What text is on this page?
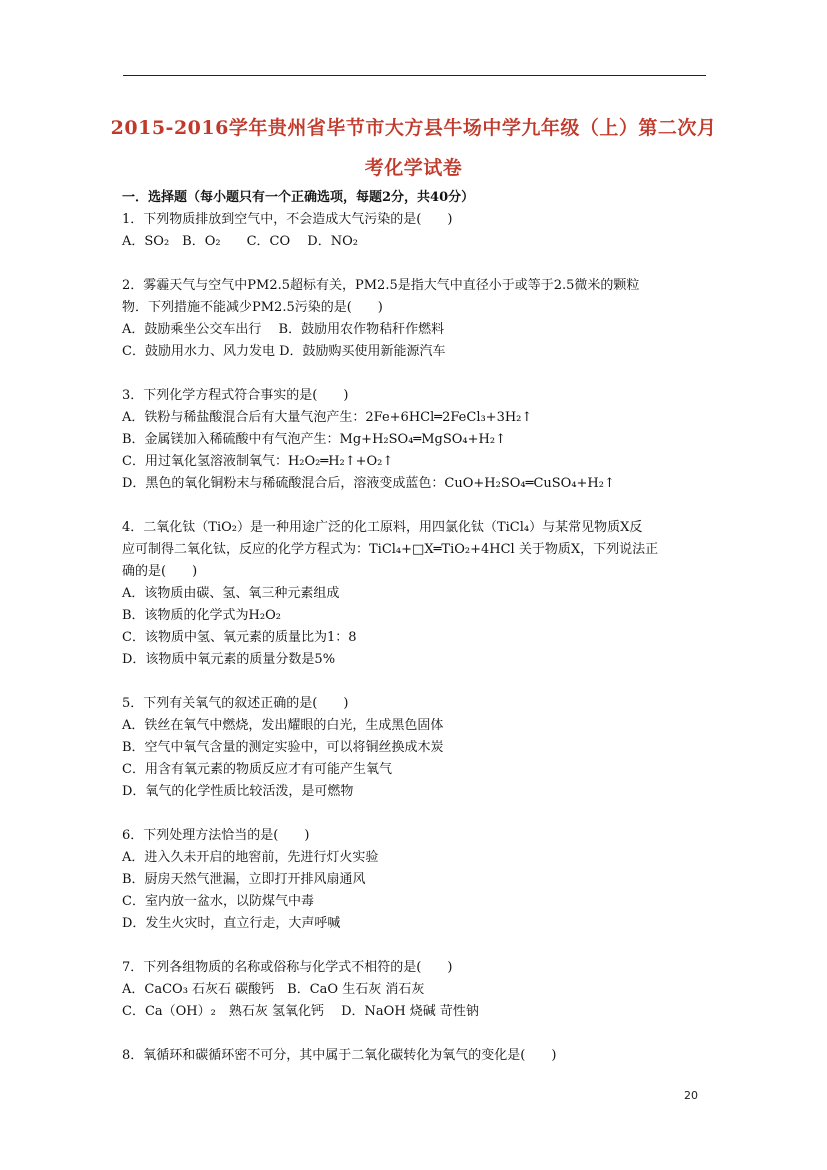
2015-2016学年贵州省毕节市大方县牛场中学九年级（上）第二次月
考化学试卷
一．选择题（每小题只有一个正确选项，每题2分，共40分）
1．下列物质排放到空气中，不会造成大气污染的是(　　)
A．SO₂　B．O₂　　C．CO　 D．NO₂
2．雾霾天气与空气中PM2.5超标有关，PM2.5是指大气中直径小于或等于2.5微米的颗粒
物．下列措施不能减少PM2.5污染的是(　　)
A．鼓励乘坐公交车出行　 B．鼓励用农作物秸秆作燃料
C．鼓励用水力、风力发电 D．鼓励购买使用新能源汽车
3．下列化学方程式符合事实的是(　　)
A．铁粉与稀盐酸混合后有大量气泡产生：2Fe+6HCl═2FeCl₃+3H₂↑
B．金属镁加入稀硫酸中有气泡产生：Mg+H₂SO₄═MgSO₄+H₂↑
C．用过氧化氢溶液制氧气：H₂O₂═H₂↑+O₂↑
D．黑色的氧化铜粉末与稀硫酸混合后，溶液变成蓝色：CuO+H₂SO₄═CuSO₄+H₂↑
4．二氧化钛（TiO₂）是一种用途广泛的化工原料，用四氯化钛（TiCl₄）与某常见物质X反
应可制得二氧化钛，反应的化学方程式为：TiCl₄+□X═TiO₂+4HCl 关于物质X，下列说法正
确的是(　　)
A．该物质由碳、氢、氧三种元素组成
B．该物质的化学式为H₂O₂
C．该物质中氢、氧元素的质量比为1：8
D．该物质中氧元素的质量分数是5%
5．下列有关氧气的叙述正确的是(　　)
A．铁丝在氧气中燃烧，发出耀眼的白光，生成黑色固体
B．空气中氧气含量的测定实验中，可以将铜丝换成木炭
C．用含有氧元素的物质反应才有可能产生氧气
D．氧气的化学性质比较活泼，是可燃物
6．下列处理方法恰当的是(　　)
A．进入久未开启的地窖前，先进行灯火实验
B．厨房天然气泄漏，立即打开排风扇通风
C．室内放一盆水，以防煤气中毒
D．发生火灾时，直立行走，大声呼喊
7．下列各组物质的名称或俗称与化学式不相符的是(　　)
A．CaCO₃ 石灰石 碳酸钙　B．CaO 生石灰 消石灰
C．Ca（OH）₂　熟石灰 氢氧化钙　 D．NaOH 烧碱 苛性钠
8．氧循环和碳循环密不可分，其中属于二氧化碳转化为氧气的变化是(　　)
20
